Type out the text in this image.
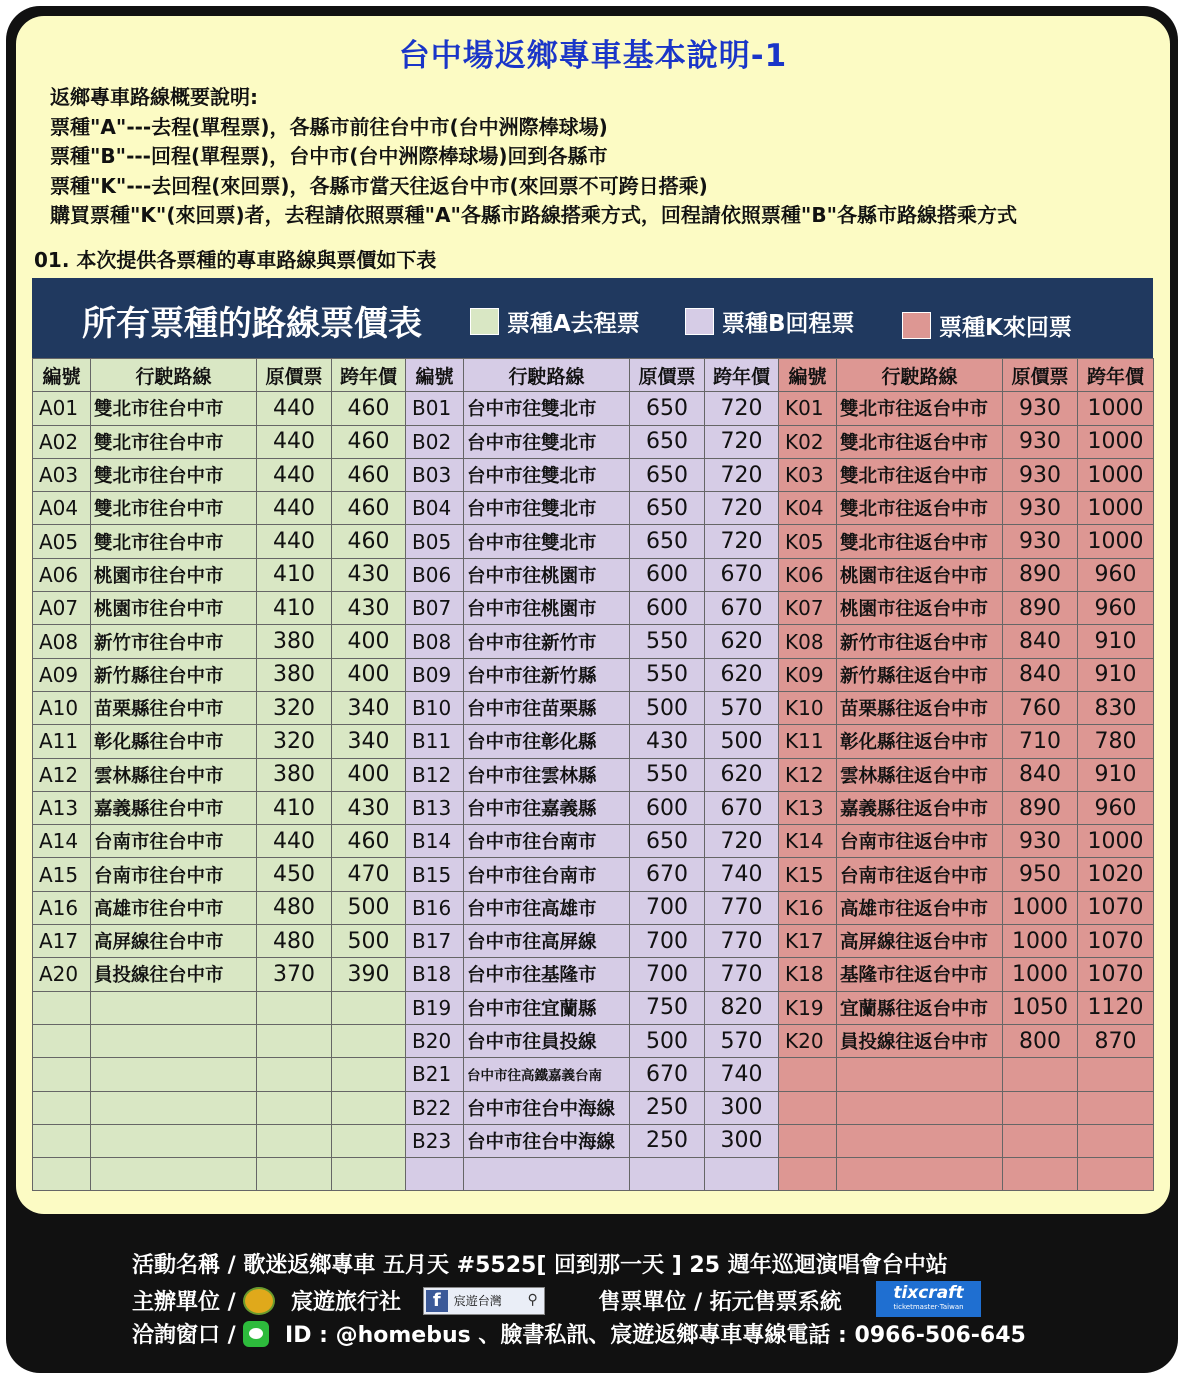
台中場返鄉專車基本說明-1
返鄉專車路線概要說明:
票種"A"---去程(單程票)，各縣市前往台中市(台中洲際棒球場)
票種"B"---回程(單程票)，台中市(台中洲際棒球場)回到各縣市
票種"K"---去回程(來回票)，各縣市當天往返台中市(來回票不可跨日搭乘)
購買票種"K"(來回票)者，去程請依照票種"A"各縣市路線搭乘方式，回程請依照票種"B"各縣市路線搭乘方式
01. 本次提供各票種的專車路線與票價如下表
所有票種的路線票價表	票種A去程票	票種B回程票	票種K來回票
編號	行駛路線	原價票	跨年價
A01	雙北市往台中市	440	460
A02	雙北市往台中市	440	460
A03	雙北市往台中市	440	460
A04	雙北市往台中市	440	460
A05	雙北市往台中市	440	460
A06	桃園市往台中市	410	430
A07	桃園市往台中市	410	430
A08	新竹市往台中市	380	400
A09	新竹縣往台中市	380	400
A10	苗栗縣往台中市	320	340
A11	彰化縣往台中市	320	340
A12	雲林縣往台中市	380	400
A13	嘉義縣往台中市	410	430
A14	台南市往台中市	440	460
A15	台南市往台中市	450	470
A16	高雄市往台中市	480	500
A17	高屏線往台中市	480	500
A20	員投線往台中市	370	390

編號	行駛路線	原價票	跨年價
B01	台中市往雙北市	650	720
B02	台中市往雙北市	650	720
B03	台中市往雙北市	650	720
B04	台中市往雙北市	650	720
B05	台中市往雙北市	650	720
B06	台中市往桃園市	600	670
B07	台中市往桃園市	600	670
B08	台中市往新竹市	550	620
B09	台中市往新竹縣	550	620
B10	台中市往苗栗縣	500	570
B11	台中市往彰化縣	430	500
B12	台中市往雲林縣	550	620
B13	台中市往嘉義縣	600	670
B14	台中市往台南市	650	720
B15	台中市往台南市	670	740
B16	台中市往高雄市	700	770
B17	台中市往高屏線	700	770
B18	台中市往基隆市	700	770
B19	台中市往宜蘭縣	750	820
B20	台中市往員投線	500	570
B21	台中市往高鐵嘉義台南	670	740
B22	台中市往台中海線	250	300
B23	台中市往台中海線	250	300

編號	行駛路線	原價票	跨年價
K01	雙北市往返台中市	930	1000
K02	雙北市往返台中市	930	1000
K03	雙北市往返台中市	930	1000
K04	雙北市往返台中市	930	1000
K05	雙北市往返台中市	930	1000
K06	桃園市往返台中市	890	960
K07	桃園市往返台中市	890	960
K08	新竹市往返台中市	840	910
K09	新竹縣往返台中市	840	910
K10	苗栗縣往返台中市	760	830
K11	彰化縣往返台中市	710	780
K12	雲林縣往返台中市	840	910
K13	嘉義縣往返台中市	890	960
K14	台南市往返台中市	930	1000
K15	台南市往返台中市	950	1020
K16	高雄市往返台中市	1000	1070
K17	高屏線往返台中市	1000	1070
K18	基隆市往返台中市	1000	1070
K19	宜蘭縣往返台中市	1050	1120
K20	員投線往返台中市	800	870

活動名稱 / 歌迷返鄉專車 五月天 #5525[ 回到那一天 ] 25 週年巡迴演唱會台中站
主辦單位 /	宸遊旅行社	f	宸遊台灣 ⚲	售票單位 / 拓元售票系統	tixcraft
ticketmaster·Taiwan
洽詢窗口 / ID : @homebus 、臉書私訊、宸遊返鄉專車專線電話 : 0966-506-645
